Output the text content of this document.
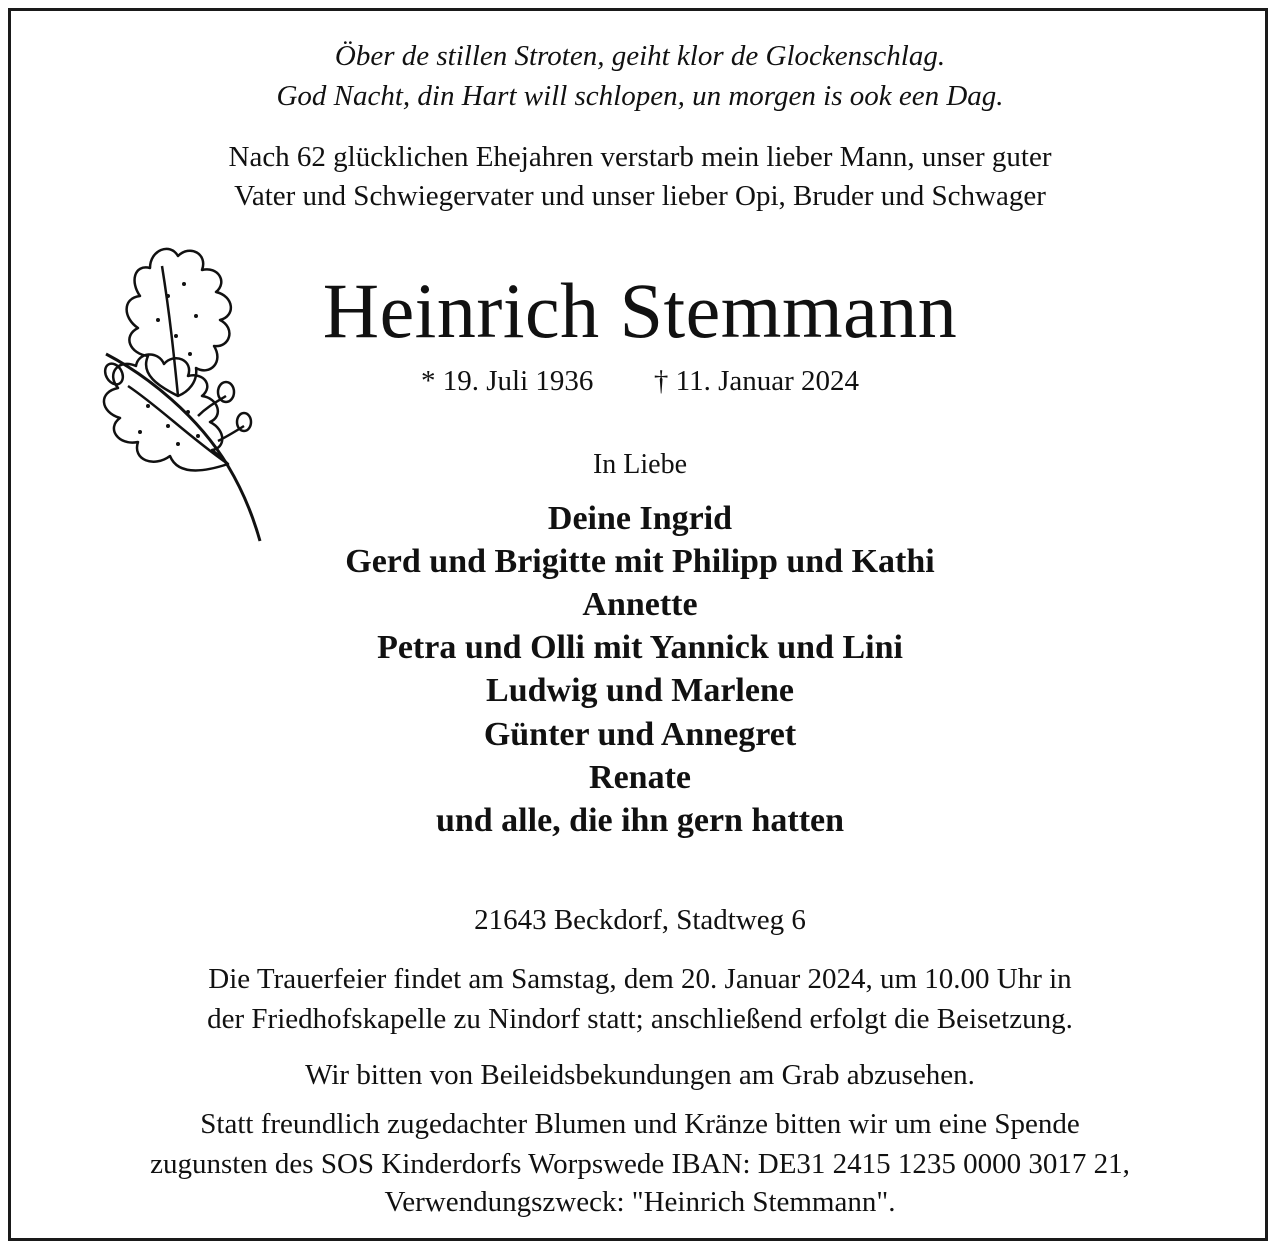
Öber de stillen Stroten, geiht klor de Glockenschlag.
God Nacht, din Hart will schlopen, un morgen is ook een Dag.
Nach 62 glücklichen Ehejahren verstarb mein lieber Mann, unser guter
Vater und Schwiegervater und unser lieber Opi, Bruder und Schwager
Heinrich Stemmann
* 19. Juli 1936 † 11. Januar 2024
In Liebe
Deine Ingrid
Gerd und Brigitte mit Philipp und Kathi
Annette
Petra und Olli mit Yannick und Lini
Ludwig und Marlene
Günter und Annegret
Renate
und alle, die ihn gern hatten
21643 Beckdorf, Stadtweg 6
Die Trauerfeier findet am Samstag, dem 20. Januar 2024, um 10.00 Uhr in
der Friedhofskapelle zu Nindorf statt; anschließend erfolgt die Beisetzung.
Wir bitten von Beileidsbekundungen am Grab abzusehen.
Statt freundlich zugedachter Blumen und Kränze bitten wir um eine Spende
zugunsten des SOS Kinderdorfs Worpswede IBAN: DE31 2415 1235 0000 3017 21,
Verwendungszweck: "Heinrich Stemmann".
